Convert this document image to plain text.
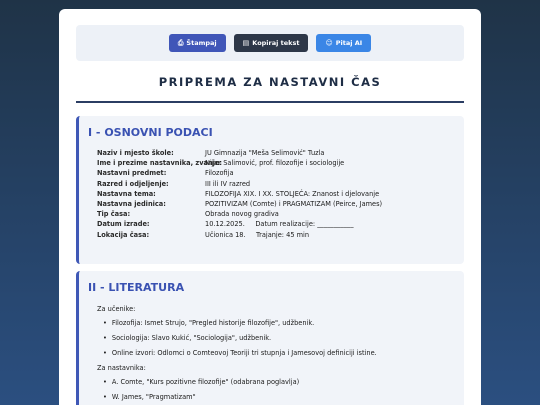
⎙ Štampaj	▤ Kopiraj tekst	☺ Pitaj AI
PRIPREMA ZA NASTAVNI ČAS
I - OSNOVNI PODACI
Naziv i mjesto škole:	JU Gimnazija "Meša Selimović" Tuzla
Ime i prezime nastavnika, zvanje:
Nijaz Salimović, prof. filozofije i sociologije
Nastavni predmet:	Filozofija
Razred i odjeljenje:	III ili IV razred
Nastavna tema:	FILOZOFIJA XIX. I XX. STOLJEĆA: Znanost i djelovanje
Nastavna jedinica:	POZITIVIZAM (Comte) i PRAGMATIZAM (Peirce, James)
Tip časa:	Obrada novog gradiva
Datum izrade:	10.12.2025.     Datum realizacije: ___________
Lokacija časa:	Učionica 18.     Trajanje: 45 min
II - LITERATURA
Za učenike:
• Filozofija: Ismet Strujo, "Pregled historije filozofije", udžbenik.
• Sociologija: Slavo Kukić, "Sociologija", udžbenik.
• Online izvori: Odlomci o Comteovoj Teoriji tri stupnja i Jamesovoj definiciji istine.
Za nastavnika:
• A. Comte, "Kurs pozitivne filozofije" (odabrana poglavlja)
• W. James, "Pragmatizam"
